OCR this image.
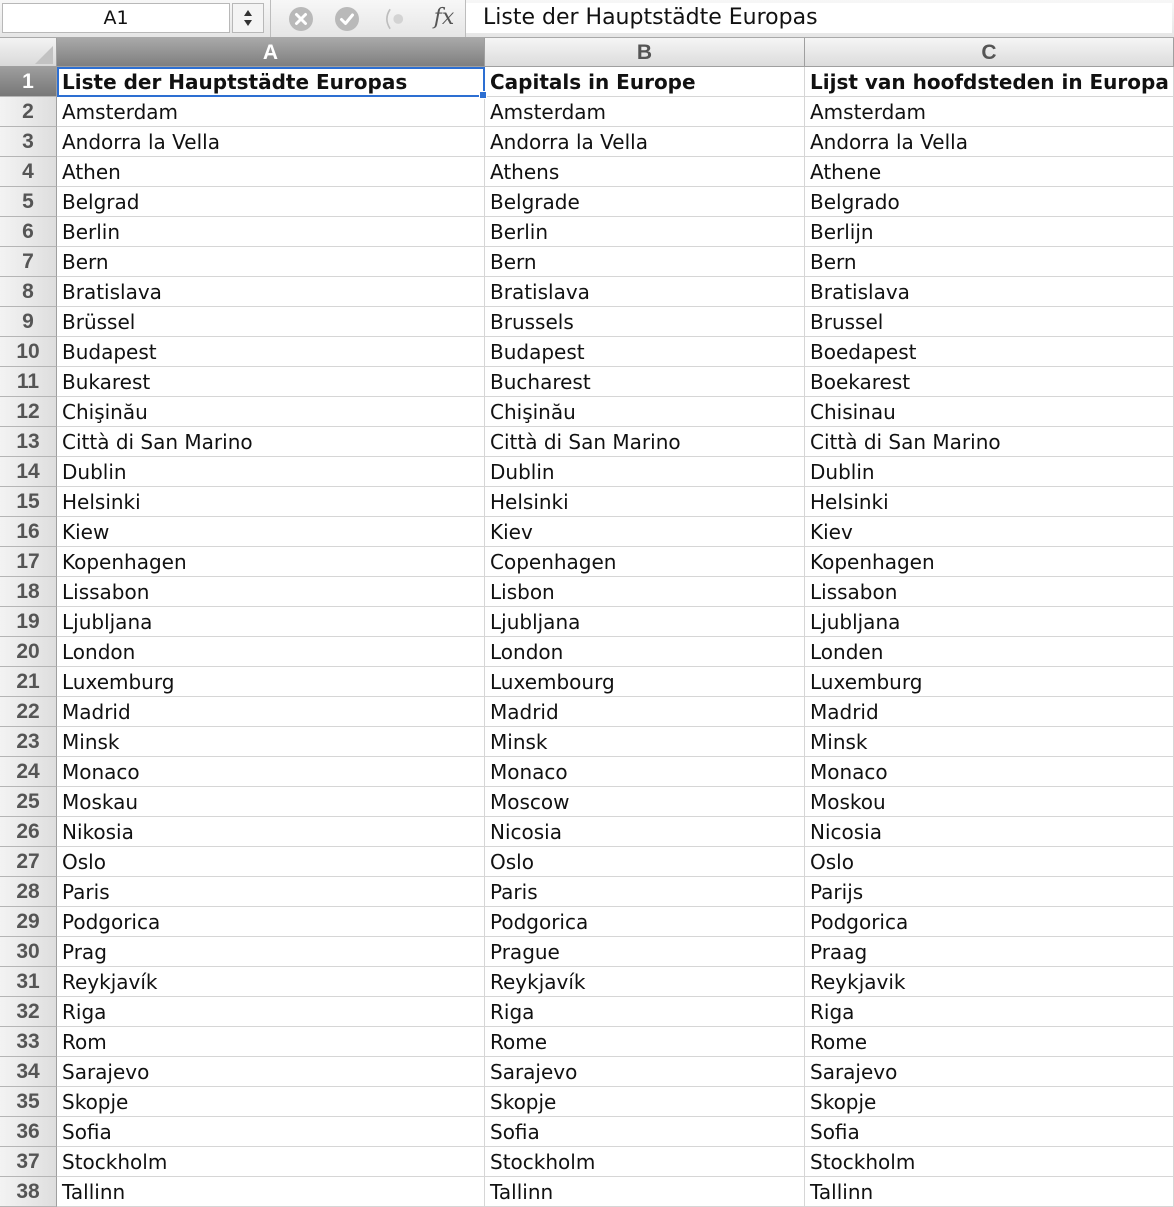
A1	fx	Liste der Hauptstädte Europas
A	B	C
1	Liste der Hauptstädte Europas	Capitals in Europe	Lijst van hoofdsteden in Europa
2	Amsterdam	Amsterdam	Amsterdam
3	Andorra la Vella	Andorra la Vella	Andorra la Vella
4	Athen	Athens	Athene
5	Belgrad	Belgrade	Belgrado
6	Berlin	Berlin	Berlijn
7	Bern	Bern	Bern
8	Bratislava	Bratislava	Bratislava
9	Brüssel	Brussels	Brussel
10	Budapest	Budapest	Boedapest
11	Bukarest	Bucharest	Boekarest
12	Chişinău	Chişinău	Chisinau
13	Città di San Marino	Città di San Marino	Città di San Marino
14	Dublin	Dublin	Dublin
15	Helsinki	Helsinki	Helsinki
16	Kiew	Kiev	Kiev
17	Kopenhagen	Copenhagen	Kopenhagen
18	Lissabon	Lisbon	Lissabon
19	Ljubljana	Ljubljana	Ljubljana
20	London	London	Londen
21	Luxemburg	Luxembourg	Luxemburg
22	Madrid	Madrid	Madrid
23	Minsk	Minsk	Minsk
24	Monaco	Monaco	Monaco
25	Moskau	Moscow	Moskou
26	Nikosia	Nicosia	Nicosia
27	Oslo	Oslo	Oslo
28	Paris	Paris	Parijs
29	Podgorica	Podgorica	Podgorica
30	Prag	Prague	Praag
31	Reykjavík	Reykjavík	Reykjavik
32	Riga	Riga	Riga
33	Rom	Rome	Rome
34	Sarajevo	Sarajevo	Sarajevo
35	Skopje	Skopje	Skopje
36	Sofia	Sofia	Sofia
37	Stockholm	Stockholm	Stockholm
38	Tallinn	Tallinn	Tallinn
